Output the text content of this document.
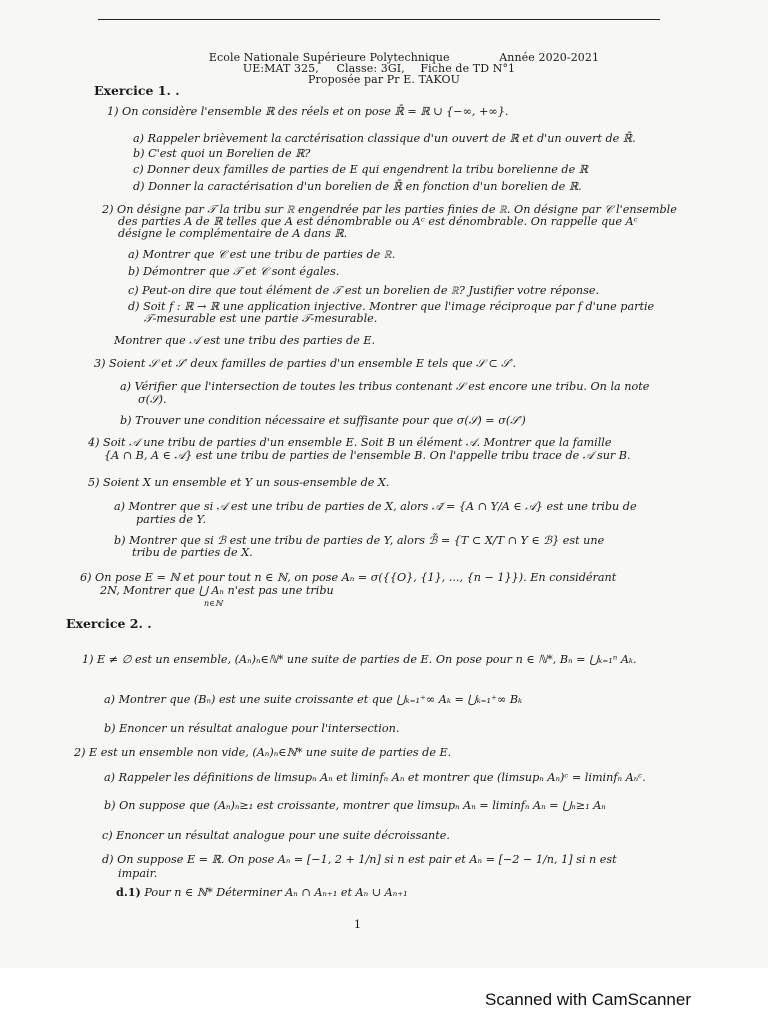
Ecole Nationale Supérieure Polytechnique	Année 2020-2021
UE:MAT 325, Classe: 3GI, Fiche de TD N°1
Proposée par Pr E. TAKOU
Exercice 1. .
1) On considère l'ensemble ℝ des réels et on pose ℝ̄ = ℝ ∪ {−∞, +∞}.
a) Rappeler brièvement la carctérisation classique d'un ouvert de ℝ et d'un ouvert de ℝ̄.
b) C'est quoi un Borelien de ℝ?
c) Donner deux familles de parties de E qui engendrent la tribu borelienne de ℝ
d) Donner la caractérisation d'un borelien de ℝ̄ en fonction d'un borelien de ℝ.
2) On désigne par 𝒯 la tribu sur ℝ engendrée par les parties finies de ℝ. On désigne par 𝒞 l'ensemble
des parties A de ℝ telles que A est dénombrable ou Aᶜ est dénombrable. On rappelle que Aᶜ
désigne le complémentaire de A dans ℝ.
a) Montrer que 𝒞 est une tribu de parties de ℝ.
b) Démontrer que 𝒯 et 𝒞 sont égales.
c) Peut-on dire que tout élément de 𝒯 est un borelien de ℝ? Justifier votre réponse.
d) Soit f : ℝ → ℝ une application injective. Montrer que l'image réciproque par f d'une partie
𝒯-mesurable est une partie 𝒯-mesurable.
Montrer que 𝒜 est une tribu des parties de E.
3) Soient 𝒮 et 𝒮′ deux familles de parties d'un ensemble E tels que 𝒮 ⊂ 𝒮′.
a) Vérifier que l'intersection de toutes les tribus contenant 𝒮 est encore une tribu. On la note
σ(𝒮).
b) Trouver une condition nécessaire et suffisante pour que σ(𝒮) = σ(𝒮′)
4) Soit 𝒜 une tribu de parties d'un ensemble E. Soit B un élément 𝒜. Montrer que la famille
{A ∩ B, A ∈ 𝒜} est une tribu de parties de l'ensemble B. On l'appelle tribu trace de 𝒜 sur B.
5) Soient X un ensemble et Y un sous-ensemble de X.
a) Montrer que si 𝒜 est une tribu de parties de X, alors 𝒜̃ = {A ∩ Y/A ∈ 𝒜} est une tribu de
parties de Y.
b) Montrer que si ℬ est une tribu de parties de Y, alors ℬ̃ = {T ⊂ X/T ∩ Y ∈ ℬ} est une
tribu de parties de X.
6) On pose E = ℕ et pour tout n ∈ ℕ, on pose Aₙ = σ({{O}, {1}, ..., {n − 1}}). En considérant
2N, Montrer que ⋃ Aₙ n'est pas une tribu
n∈ℕ
Exercice 2. .
1) E ≠ ∅ est un ensemble, (Aₙ)ₙ∈ℕ* une suite de parties de E. On pose pour n ∈ ℕ*, Bₙ = ⋃ₖ₌₁ⁿ Aₖ.
a) Montrer que (Bₙ) est une suite croissante et que ⋃ₖ₌₁⁺∞ Aₖ = ⋃ₖ₌₁⁺∞ Bₖ
b) Enoncer un résultat analogue pour l'intersection.
2) E est un ensemble non vide, (Aₙ)ₙ∈ℕ* une suite de parties de E.
a) Rappeler les définitions de limsupₙ Aₙ et liminfₙ Aₙ et montrer que (limsupₙ Aₙ)ᶜ = liminfₙ Aₙᶜ.
b) On suppose que (Aₙ)ₙ≥₁ est croissante, montrer que limsupₙ Aₙ = liminfₙ Aₙ = ⋃ₙ≥₁ Aₙ
c) Enoncer un résultat analogue pour une suite décroissante.
d) On suppose E = ℝ. On pose Aₙ = [−1, 2 + 1/n] si n est pair et Aₙ = [−2 − 1/n, 1] si n est
impair.
d.1) Pour n ∈ ℕ* Déterminer Aₙ ∩ Aₙ₊₁ et Aₙ ∪ Aₙ₊₁
1
Scanned with CamScanner
